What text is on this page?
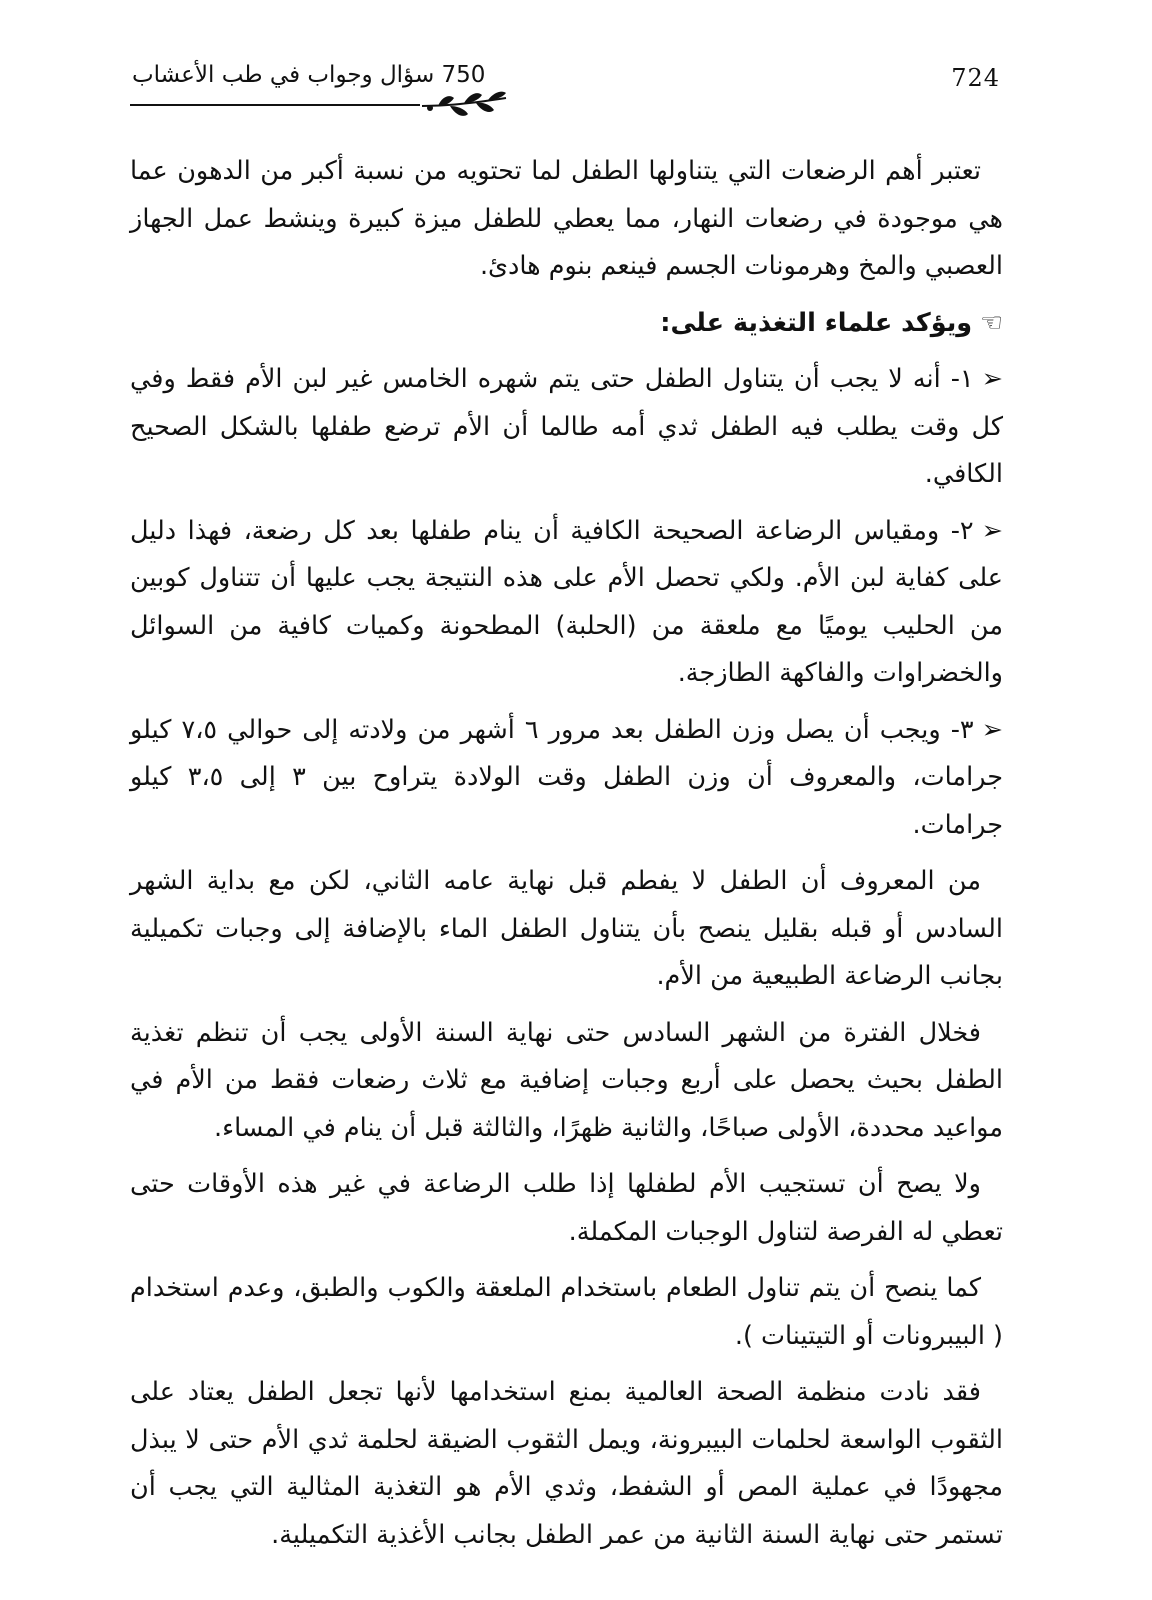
724
750 سؤال وجواب في طب الأعشاب

تعتبر أهم الرضعات التي يتناولها الطفل لما تحتويه من نسبة أكبر من الدهون عما هي موجودة في رضعات النهار، مما يعطي للطفل ميزة كبيرة وينشط عمل الجهاز العصبي والمخ وهرمونات الجسم فينعم بنوم هادئ.

☜ويؤكد علماء التغذية على:

➢١- أنه لا يجب أن يتناول الطفل حتى يتم شهره الخامس غير لبن الأم فقط وفي كل وقت يطلب فيه الطفل ثدي أمه طالما أن الأم ترضع طفلها بالشكل الصحيح الكافي.

➢٢- ومقياس الرضاعة الصحيحة الكافية أن ينام طفلها بعد كل رضعة، فهذا دليل على كفاية لبن الأم. ولكي تحصل الأم على هذه النتيجة يجب عليها أن تتناول كوبين من الحليب يوميًا مع ملعقة من (الحلبة) المطحونة وكميات كافية من السوائل والخضراوات والفاكهة الطازجة.

➢٣- ويجب أن يصل وزن الطفل بعد مرور ٦ أشهر من ولادته إلى حوالي ٧،٥ كيلو جرامات، والمعروف أن وزن الطفل وقت الولادة يتراوح بين ٣ إلى ٣،٥ كيلو جرامات.

من المعروف أن الطفل لا يفطم قبل نهاية عامه الثاني، لكن مع بداية الشهر السادس أو قبله بقليل ينصح بأن يتناول الطفل الماء بالإضافة إلى وجبات تكميلية بجانب الرضاعة الطبيعية من الأم.

فخلال الفترة من الشهر السادس حتى نهاية السنة الأولى يجب أن تنظم تغذية الطفل بحيث يحصل على أربع وجبات إضافية مع ثلاث رضعات فقط من الأم في مواعيد محددة، الأولى صباحًا، والثانية ظهرًا، والثالثة قبل أن ينام في المساء.

ولا يصح أن تستجيب الأم لطفلها إذا طلب الرضاعة في غير هذه الأوقات حتى تعطي له الفرصة لتناول الوجبات المكملة.

كما ينصح أن يتم تناول الطعام باستخدام الملعقة والكوب والطبق، وعدم استخدام ( البيبرونات أو التيتينات ).

فقد نادت منظمة الصحة العالمية بمنع استخدامها لأنها تجعل الطفل يعتاد على الثقوب الواسعة لحلمات البيبرونة، ويمل الثقوب الضيقة لحلمة ثدي الأم حتى لا يبذل مجهودًا في عملية المص أو الشفط، وثدي الأم هو التغذية المثالية التي يجب أن تستمر حتى نهاية السنة الثانية من عمر الطفل بجانب الأغذية التكميلية.
